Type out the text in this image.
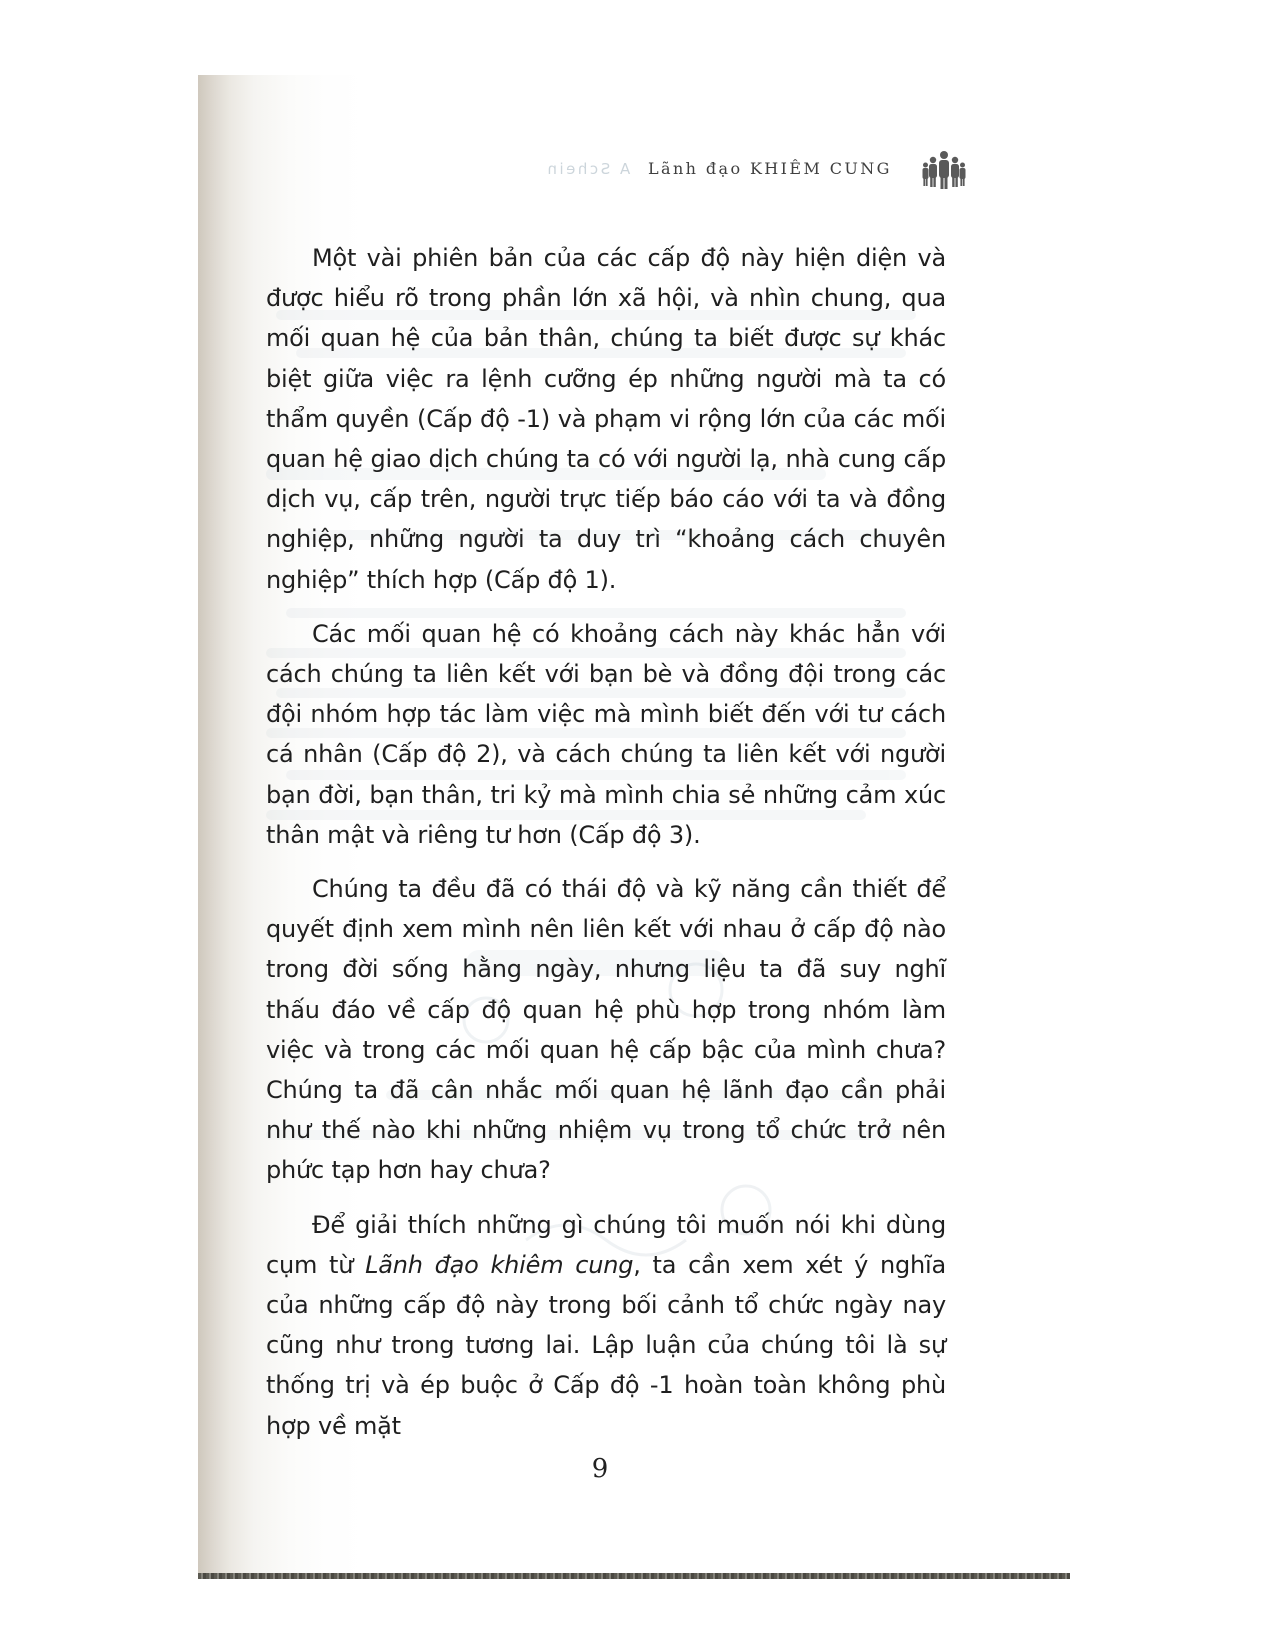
A Schein Lãnh đạo KHIÊM CUNG

Một vài phiên bản của các cấp độ này hiện diện và được hiểu rõ trong phần lớn xã hội, và nhìn chung, qua mối quan hệ của bản thân, chúng ta biết được sự khác biệt giữa việc ra lệnh cưỡng ép những người mà ta có thẩm quyền (Cấp độ -1) và phạm vi rộng lớn của các mối quan hệ giao dịch chúng ta có với người lạ, nhà cung cấp dịch vụ, cấp trên, người trực tiếp báo cáo với ta và đồng nghiệp, những người ta duy trì “khoảng cách chuyên nghiệp” thích hợp (Cấp độ 1).

Các mối quan hệ có khoảng cách này khác hẳn với cách chúng ta liên kết với bạn bè và đồng đội trong các đội nhóm hợp tác làm việc mà mình biết đến với tư cách cá nhân (Cấp độ 2), và cách chúng ta liên kết với người bạn đời, bạn thân, tri kỷ mà mình chia sẻ những cảm xúc thân mật và riêng tư hơn (Cấp độ 3).

Chúng ta đều đã có thái độ và kỹ năng cần thiết để quyết định xem mình nên liên kết với nhau ở cấp độ nào trong đời sống hằng ngày, nhưng liệu ta đã suy nghĩ thấu đáo về cấp độ quan hệ phù hợp trong nhóm làm việc và trong các mối quan hệ cấp bậc của mình chưa? Chúng ta đã cân nhắc mối quan hệ lãnh đạo cần phải như thế nào khi những nhiệm vụ trong tổ chức trở nên phức tạp hơn hay chưa?

Để giải thích những gì chúng tôi muốn nói khi dùng cụm từ Lãnh đạo khiêm cung, ta cần xem xét ý nghĩa của những cấp độ này trong bối cảnh tổ chức ngày nay cũng như trong tương lai. Lập luận của chúng tôi là sự thống trị và ép buộc ở Cấp độ -1 hoàn toàn không phù hợp về mặt

9
